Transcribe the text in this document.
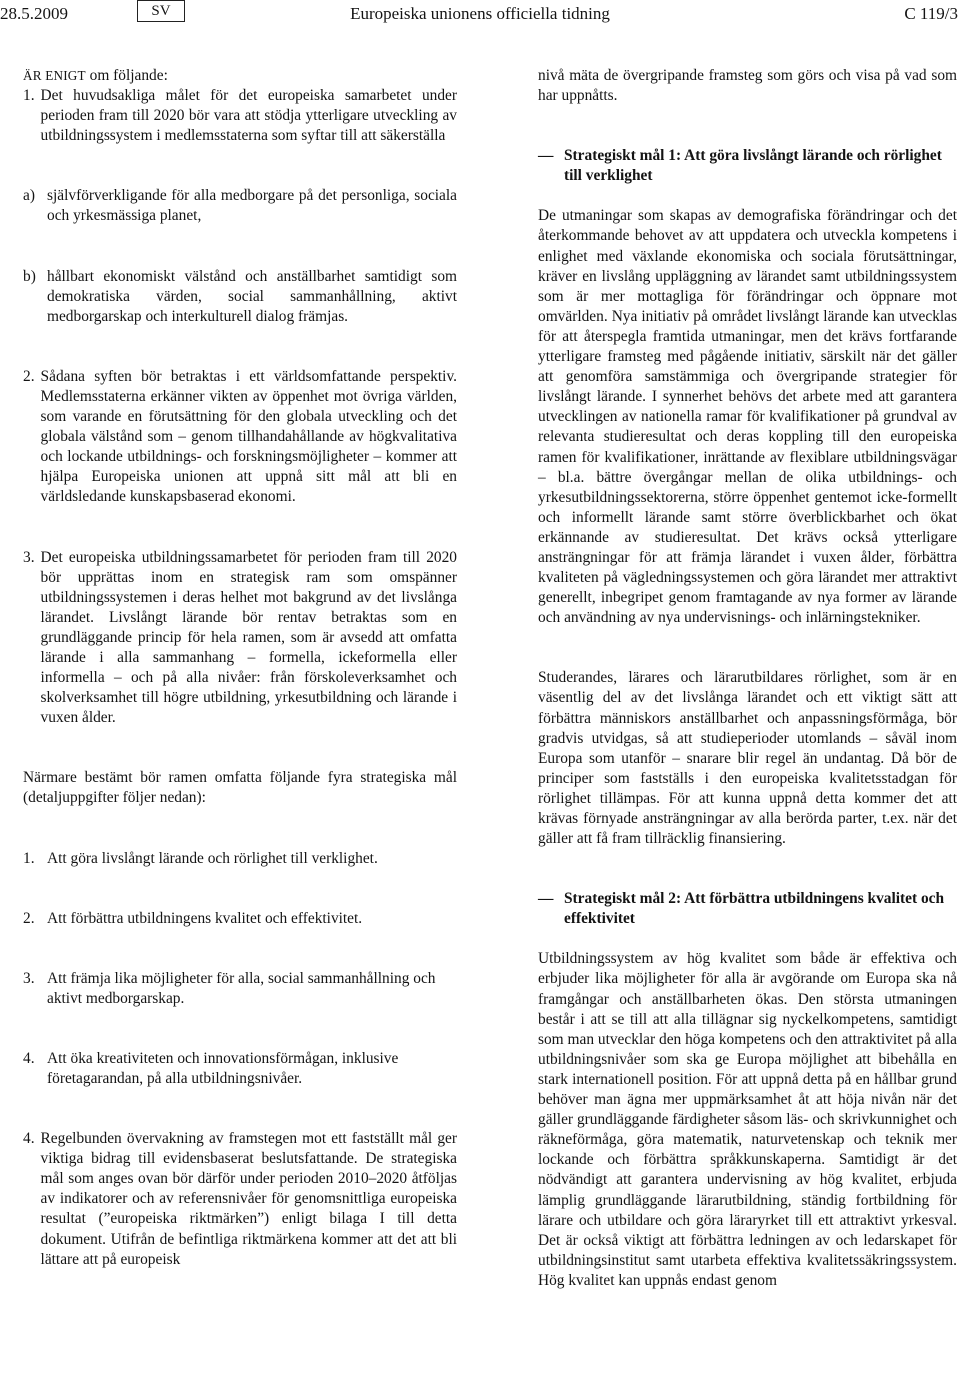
28.5.2009	SV	Europeiska unionens officiella tidning	C 119/3

ÄR ENIGT om följande:

1. Det huvudsakliga målet för det europeiska samarbetet under perioden fram till 2020 bör vara att stödja ytterligare utveckling av utbildningssystem i medlemsstaterna som syftar till att säkerställa
a) självförverkligande för alla medborgare på det personliga, sociala och yrkesmässiga planet,
b) hållbart ekonomiskt välstånd och anställbarhet samtidigt som demokratiska värden, social sammanhållning, aktivt medborgarskap och interkulturell dialog främjas.
2. Sådana syften bör betraktas i ett världsomfattande perspektiv. Medlemsstaterna erkänner vikten av öppenhet mot övriga världen, som varande en förutsättning för den globala utveckling och det globala välstånd som – genom tillhandahållande av högkvalitativa och lockande utbildnings- och forskningsmöjligheter – kommer att hjälpa Europeiska unionen att uppnå sitt mål att bli en världsledande kunskapsbaserad ekonomi.
3. Det europeiska utbildningssamarbetet för perioden fram till 2020 bör upprättas inom en strategisk ram som omspänner utbildningssystemen i deras helhet mot bakgrund av det livslånga lärandet. Livslångt lärande bör rentav betraktas som en grundläggande princip för hela ramen, som är avsedd att omfatta lärande i alla sammanhang – formella, ickeformella eller informella – och på alla nivåer: från förskoleverksamhet och skolverksamhet till högre utbildning, yrkesutbildning och lärande i vuxen ålder.

Närmare bestämt bör ramen omfatta följande fyra strategiska mål (detaljuppgifter följer nedan):

1. Att göra livslångt lärande och rörlighet till verklighet.
2. Att förbättra utbildningens kvalitet och effektivitet.
3. Att främja lika möjligheter för alla, social sammanhållning och aktivt medborgarskap.
4. Att öka kreativiteten och innovationsförmågan, inklusive företagarandan, på alla utbildningsnivåer.
4. Regelbunden övervakning av framstegen mot ett fastställt mål ger viktiga bidrag till evidensbaserat beslutsfattande. De strategiska mål som anges ovan bör därför under perioden 2010–2020 åtföljas av indikatorer och av referensnivåer för genomsnittliga europeiska resultat (”europeiska riktmärken”) enligt bilaga I till detta dokument. Utifrån de befintliga riktmärkena kommer att det att bli lättare att på europeisk

nivå mäta de övergripande framsteg som görs och visa på vad som har uppnåtts.

— Strategiskt mål 1: Att göra livslångt lärande och rörlighet till verklighet

De utmaningar som skapas av demografiska förändringar och det återkommande behovet av att uppdatera och utveckla kompetens i enlighet med växlande ekonomiska och sociala förutsättningar, kräver en livslång uppläggning av lärandet samt utbildningssystem som är mer mottagliga för förändringar och öppnare mot omvärlden. Nya initiativ på området livslångt lärande kan utvecklas för att återspegla framtida utmaningar, men det krävs fortfarande ytterligare framsteg med pågående initiativ, särskilt när det gäller att genomföra samstämmiga och övergripande strategier för livslångt lärande. I synnerhet behövs det arbete med att garantera utvecklingen av nationella ramar för kvalifikationer på grundval av relevanta studieresultat och deras koppling till den europeiska ramen för kvalifikationer, inrättande av flexiblare utbildningsvägar – bl.a. bättre övergångar mellan de olika utbildnings- och yrkesutbildningssektorerna, större öppenhet gentemot icke-formellt och informellt lärande samt större överblickbarhet och ökat erkännande av studieresultat. Det krävs också ytterligare ansträngningar för att främja lärandet i vuxen ålder, förbättra kvaliteten på vägledningssystemen och göra lärandet mer attraktivt generellt, inbegripet genom framtagande av nya former av lärande och användning av nya undervisnings- och inlärningstekniker.

Studerandes, lärares och lärarutbildares rörlighet, som är en väsentlig del av det livslånga lärandet och ett viktigt sätt att förbättra människors anställbarhet och anpassningsförmåga, bör gradvis utvidgas, så att studieperioder utomlands – såväl inom Europa som utanför – snarare blir regel än undantag. Då bör de principer som fastställs i den europeiska kvalitetsstadgan för rörlighet tillämpas. För att kunna uppnå detta kommer det att krävas förnyade ansträngningar av alla berörda parter, t.ex. när det gäller att få fram tillräcklig finansiering.

— Strategiskt mål 2: Att förbättra utbildningens kvalitet och effektivitet

Utbildningssystem av hög kvalitet som både är effektiva och erbjuder lika möjligheter för alla är avgörande om Europa ska nå framgångar och anställbarheten ökas. Den största utmaningen består i att se till att alla tillägnar sig nyckelkompetens, samtidigt som man utvecklar den höga kompetens och den attraktivitet på alla utbildningsnivåer som ska ge Europa möjlighet att bibehålla en stark internationell position. För att uppnå detta på en hållbar grund behöver man ägna mer uppmärksamhet åt att höja nivån när det gäller grundläggande färdigheter såsom läs- och skrivkunnighet och räkneförmåga, göra matematik, naturvetenskap och teknik mer lockande och förbättra språkkunskaperna. Samtidigt är det nödvändigt att garantera undervisning av hög kvalitet, erbjuda lämplig grundläggande lärarutbildning, ständig fortbildning för lärare och utbildare och göra läraryrket till ett attraktivt yrkesval. Det är också viktigt att förbättra ledningen av och ledarskapet för utbildningsinstitut samt utarbeta effektiva kvalitetssäkringssystem. Hög kvalitet kan uppnås endast genom
